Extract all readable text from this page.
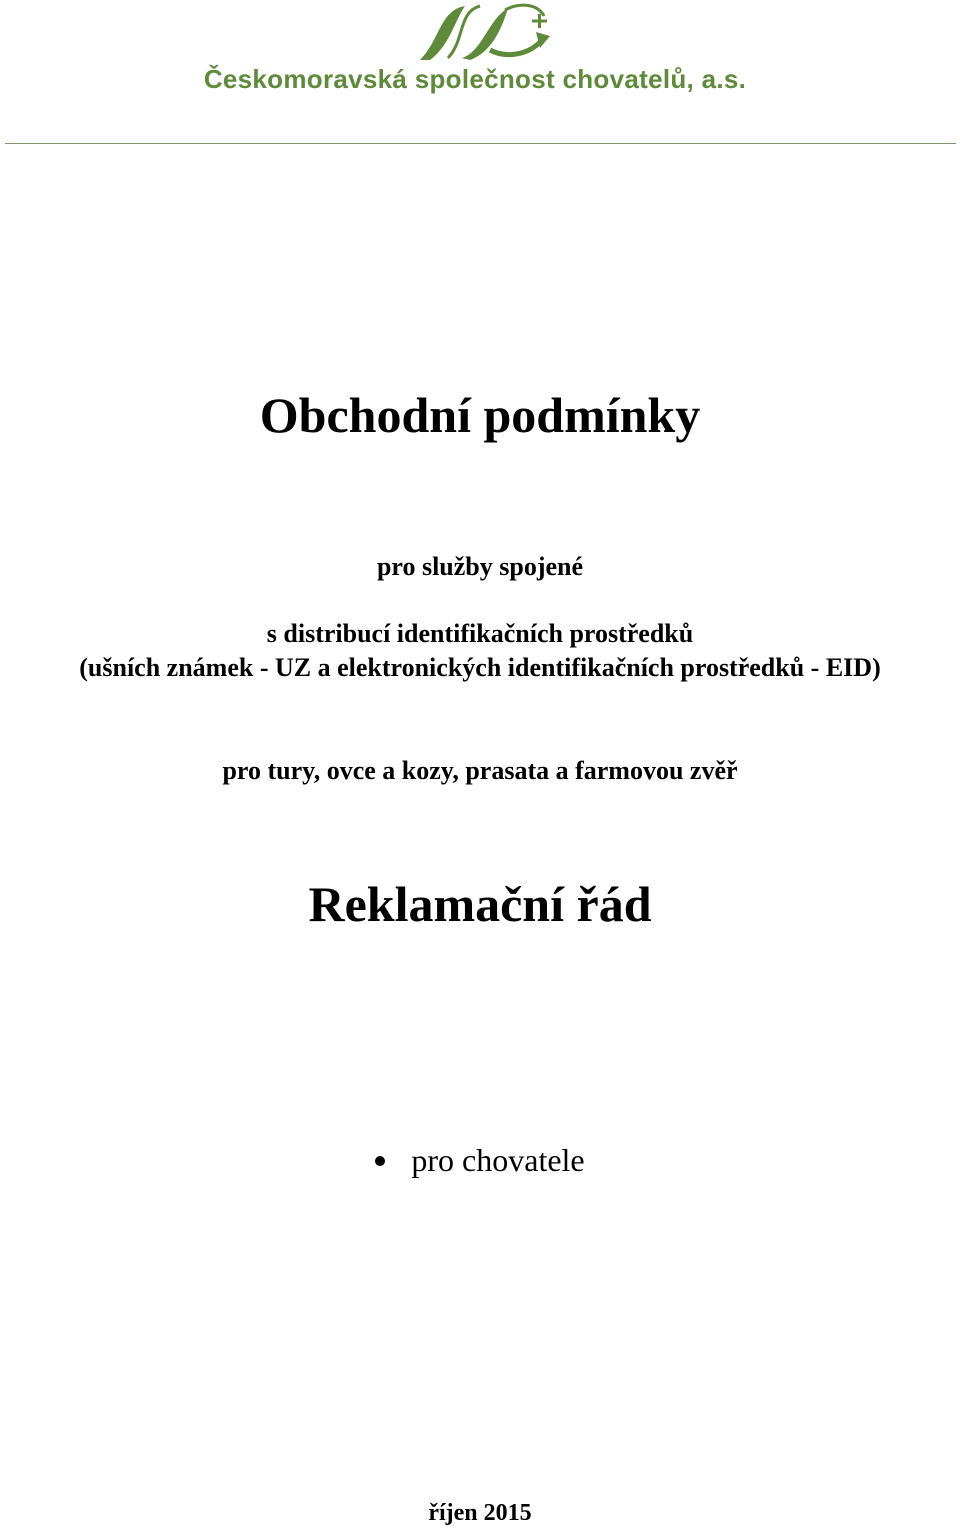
Českomoravská společnost chovatelů, a.s.
Obchodní podmínky
pro služby spojené
s distribucí identifikačních prostředků
(ušních známek - UZ a elektronických identifikačních prostředků - EID)
pro tury, ovce a kozy, prasata a farmovou zvěř
Reklamační řád
pro chovatele
říjen 2015
